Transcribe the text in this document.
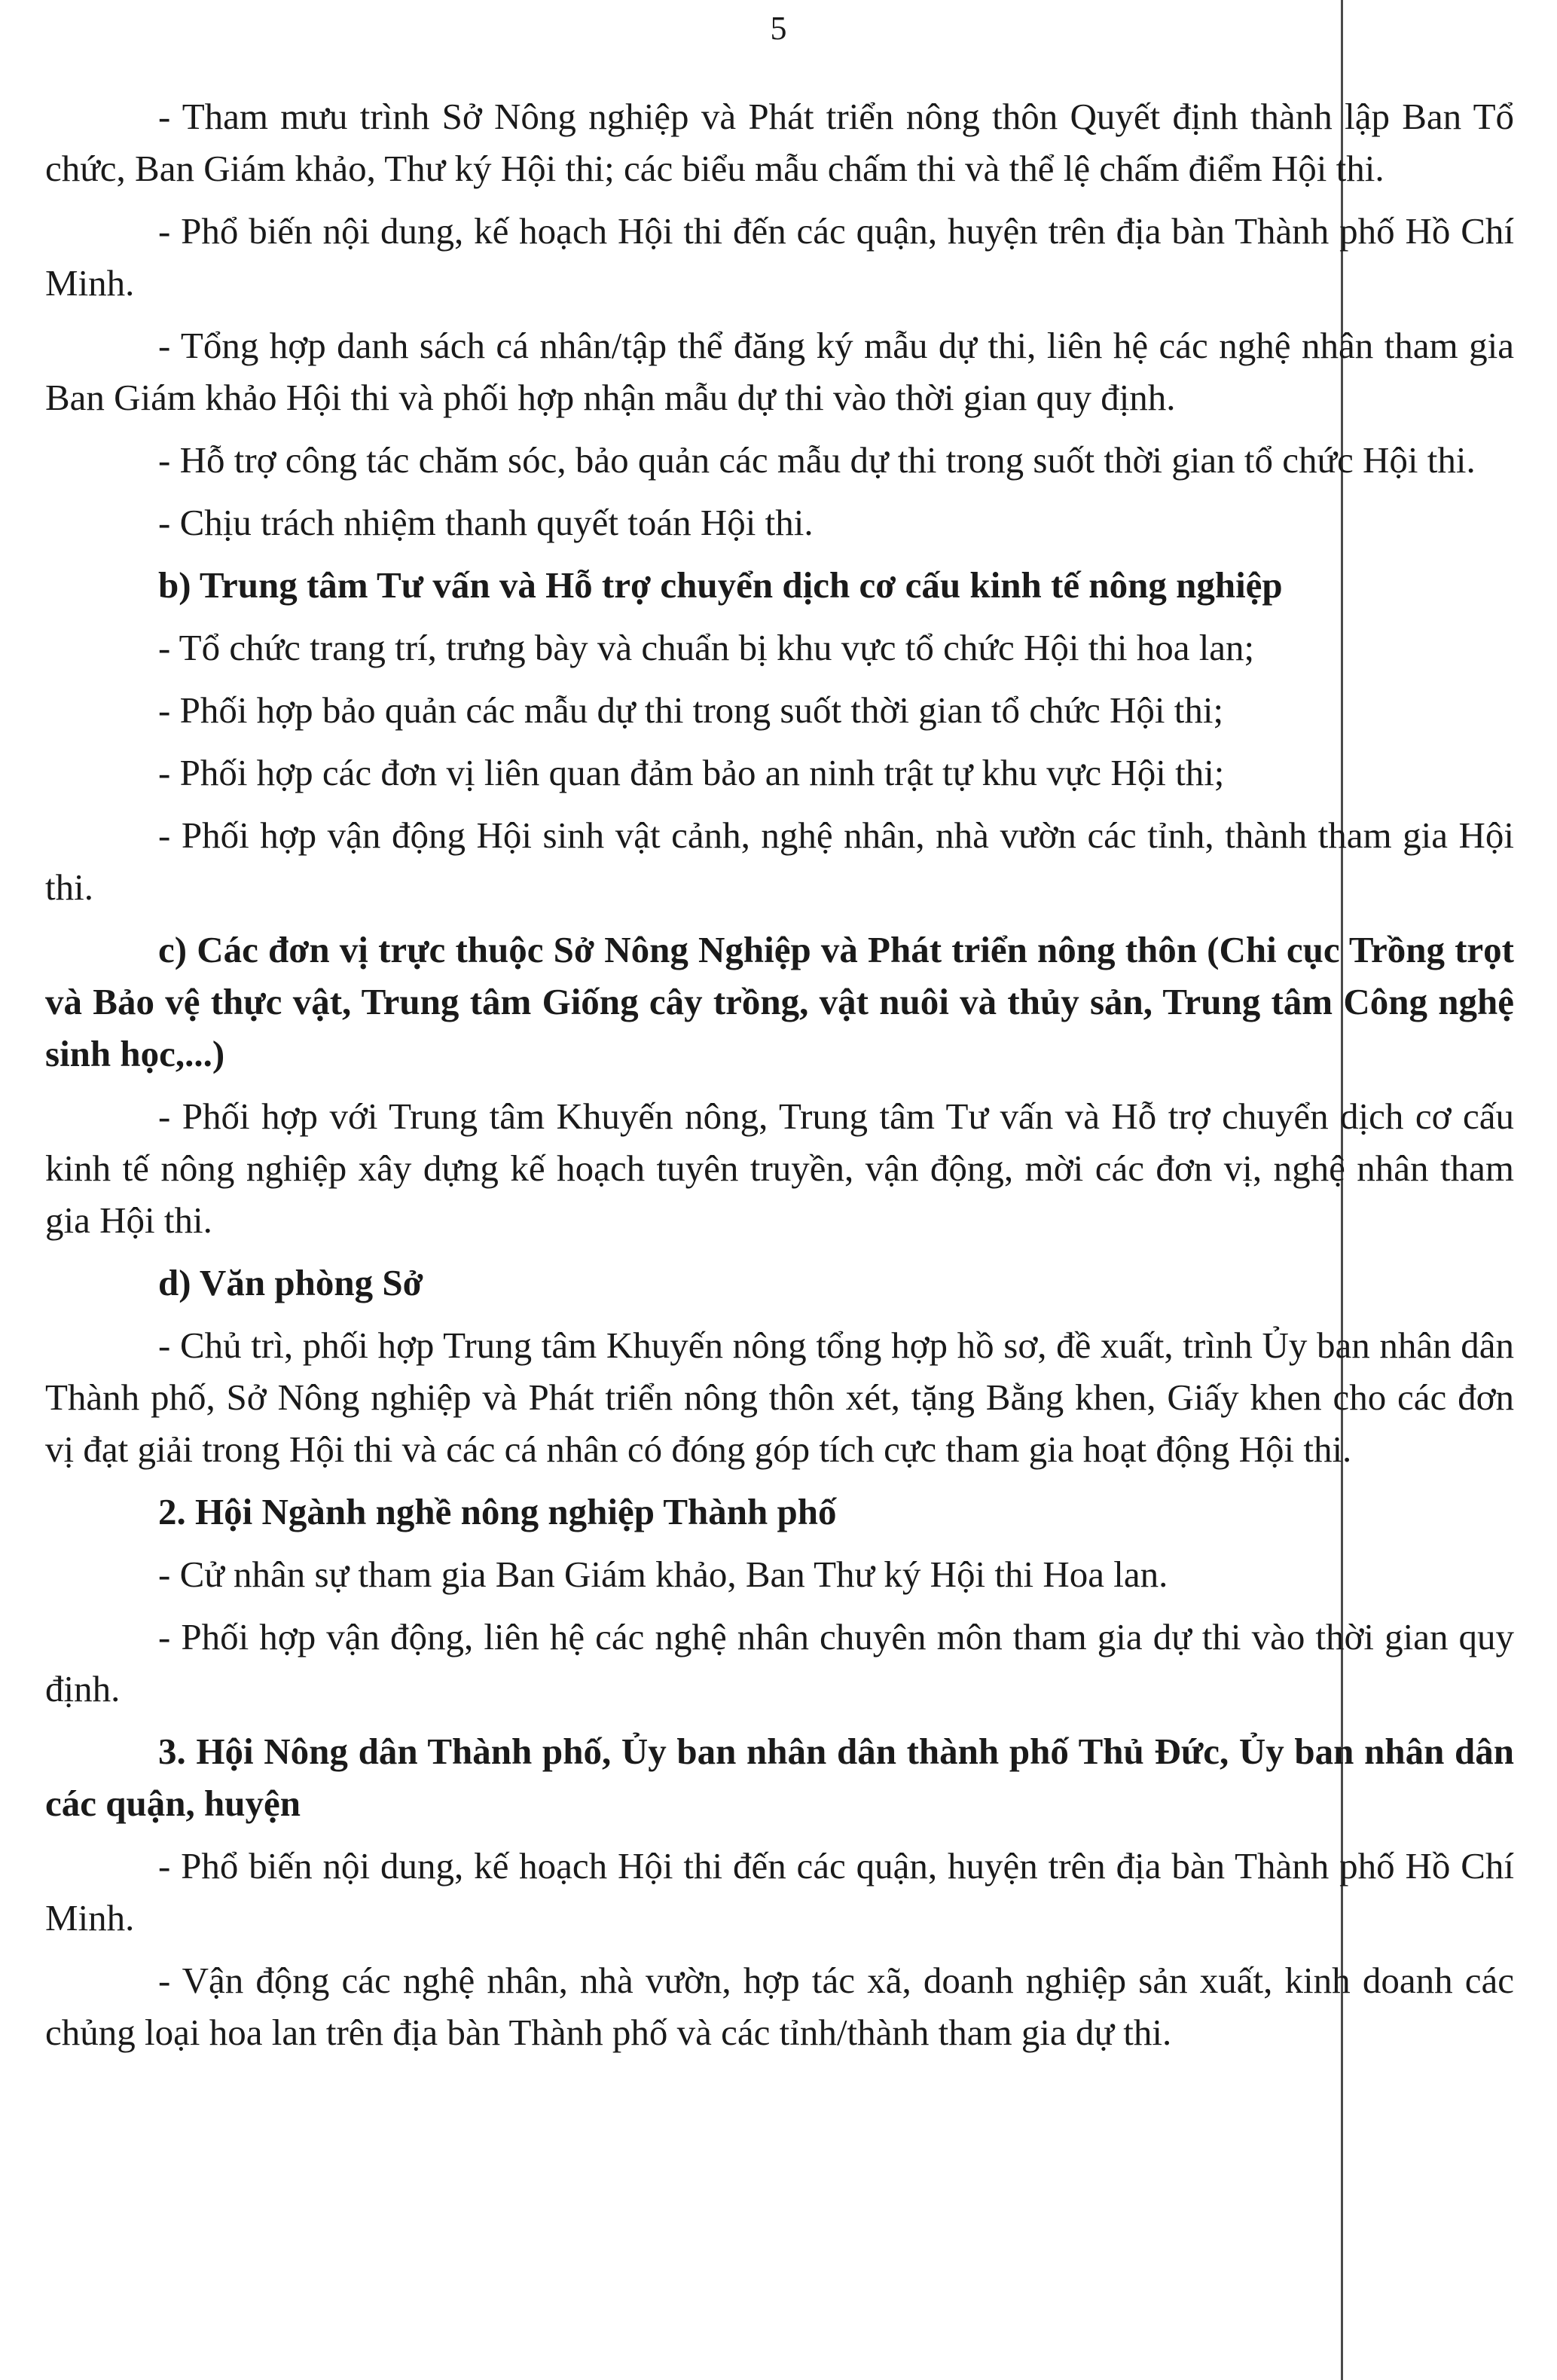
5

- Tham mưu trình Sở Nông nghiệp và Phát triển nông thôn Quyết định thành lập Ban Tổ chức, Ban Giám khảo, Thư ký Hội thi; các biểu mẫu chấm thi và thể lệ chấm điểm Hội thi.

- Phổ biến nội dung, kế hoạch Hội thi đến các quận, huyện trên địa bàn Thành phố Hồ Chí Minh.

- Tổng hợp danh sách cá nhân/tập thể đăng ký mẫu dự thi, liên hệ các nghệ nhân tham gia Ban Giám khảo Hội thi và phối hợp nhận mẫu dự thi vào thời gian quy định.

- Hỗ trợ công tác chăm sóc, bảo quản các mẫu dự thi trong suốt thời gian tổ chức Hội thi.

- Chịu trách nhiệm thanh quyết toán Hội thi.

b) Trung tâm Tư vấn và Hỗ trợ chuyển dịch cơ cấu kinh tế nông nghiệp

- Tổ chức trang trí, trưng bày và chuẩn bị khu vực tổ chức Hội thi hoa lan;

- Phối hợp bảo quản các mẫu dự thi trong suốt thời gian tổ chức Hội thi;

- Phối hợp các đơn vị liên quan đảm bảo an ninh trật tự khu vực Hội thi;

- Phối hợp vận động Hội sinh vật cảnh, nghệ nhân, nhà vườn các tỉnh, thành tham gia Hội thi.

c) Các đơn vị trực thuộc Sở Nông Nghiệp và Phát triển nông thôn (Chi cục Trồng trọt và Bảo vệ thực vật, Trung tâm Giống cây trồng, vật nuôi và thủy sản, Trung tâm Công nghệ sinh học,...)

- Phối hợp với Trung tâm Khuyến nông, Trung tâm Tư vấn và Hỗ trợ chuyển dịch cơ cấu kinh tế nông nghiệp xây dựng kế hoạch tuyên truyền, vận động, mời các đơn vị, nghệ nhân tham gia Hội thi.

d) Văn phòng Sở

- Chủ trì, phối hợp Trung tâm Khuyến nông tổng hợp hồ sơ, đề xuất, trình Ủy ban nhân dân Thành phố, Sở Nông nghiệp và Phát triển nông thôn xét, tặng Bằng khen, Giấy khen cho các đơn vị đạt giải trong Hội thi và các cá nhân có đóng góp tích cực tham gia hoạt động Hội thi.

2. Hội Ngành nghề nông nghiệp Thành phố

- Cử nhân sự tham gia Ban Giám khảo, Ban Thư ký Hội thi Hoa lan.

- Phối hợp vận động, liên hệ các nghệ nhân chuyên môn tham gia dự thi vào thời gian quy định.

3. Hội Nông dân Thành phố, Ủy ban nhân dân thành phố Thủ Đức, Ủy ban nhân dân các quận, huyện

- Phổ biến nội dung, kế hoạch Hội thi đến các quận, huyện trên địa bàn Thành phố Hồ Chí Minh.

- Vận động các nghệ nhân, nhà vườn, hợp tác xã, doanh nghiệp sản xuất, kinh doanh các chủng loại hoa lan trên địa bàn Thành phố và các tỉnh/thành tham gia dự thi.
